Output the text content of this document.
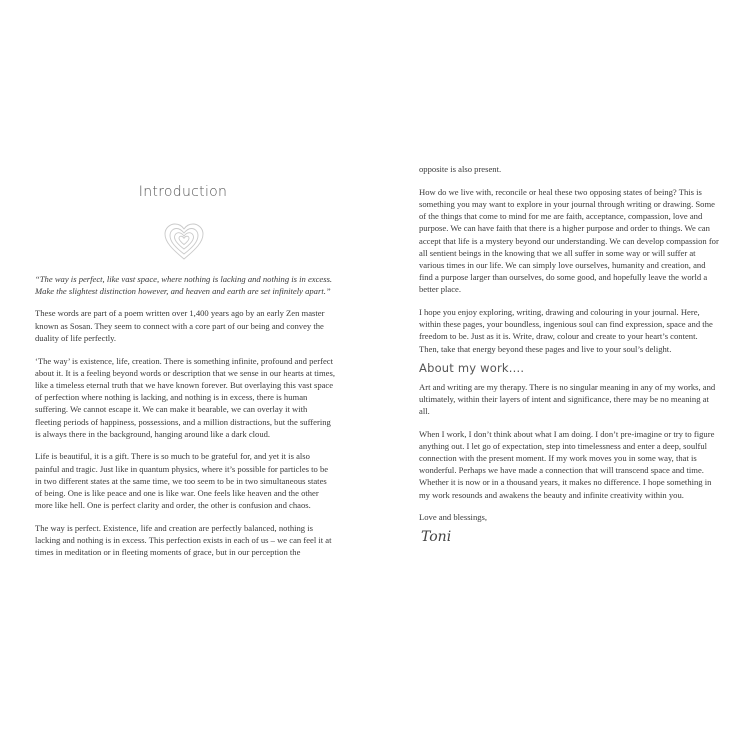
Introduction

“The way is perfect, like vast space, where nothing is lacking and nothing is in excess. Make the slightest distinction however, and heaven and earth are set infinitely apart.”

These words are part of a poem written over 1,400 years ago by an early Zen master known as Sosan. They seem to connect with a core part of our being and convey the duality of life perfectly.

‘The way’ is existence, life, creation. There is something infinite, profound and perfect about it. It is a feeling beyond words or description that we sense in our hearts at times, like a timeless eternal truth that we have known forever. But overlaying this vast space of perfection where nothing is lacking, and nothing is in excess, there is human suffering. We cannot escape it. We can make it bearable, we can overlay it with fleeting periods of happiness, possessions, and a million distractions, but the suffering is always there in the background, hanging around like a dark cloud.

Life is beautiful, it is a gift. There is so much to be grateful for, and yet it is also painful and tragic. Just like in quantum physics, where it’s possible for particles to be in two different states at the same time, we too seem to be in two simultaneous states of being. One is like peace and one is like war. One feels like heaven and the other more like hell. One is perfect clarity and order, the other is confusion and chaos.

The way is perfect. Existence, life and creation are perfectly balanced, nothing is lacking and nothing is in excess. This perfection exists in each of us – we can feel it at times in meditation or in fleeting moments of grace, but in our perception the

opposite is also present.

How do we live with, reconcile or heal these two opposing states of being? This is something you may want to explore in your journal through writing or drawing. Some of the things that come to mind for me are faith, acceptance, compassion, love and purpose. We can have faith that there is a higher purpose and order to things. We can accept that life is a mystery beyond our understanding. We can develop compassion for all sentient beings in the knowing that we all suffer in some way or will suffer at various times in our life. We can simply love ourselves, humanity and creation, and find a purpose larger than ourselves, do some good, and hopefully leave the world a better place.

I hope you enjoy exploring, writing, drawing and colouring in your journal. Here, within these pages, your boundless, ingenious soul can find expression, space and the freedom to be. Just as it is. Write, draw, colour and create to your heart’s content. Then, take that energy beyond these pages and live to your soul’s delight.

About my work....

Art and writing are my therapy. There is no singular meaning in any of my works, and ultimately, within their layers of intent and significance, there may be no meaning at all.

When I work, I don’t think about what I am doing. I don’t pre-imagine or try to figure anything out. I let go of expectation, step into timelessness and enter a deep, soulful connection with the present moment. If my work moves you in some way, that is wonderful. Perhaps we have made a connection that will transcend space and time. Whether it is now or in a thousand years, it makes no difference. I hope something in my work resounds and awakens the beauty and infinite creativity within you.

Love and blessings,

Toni
